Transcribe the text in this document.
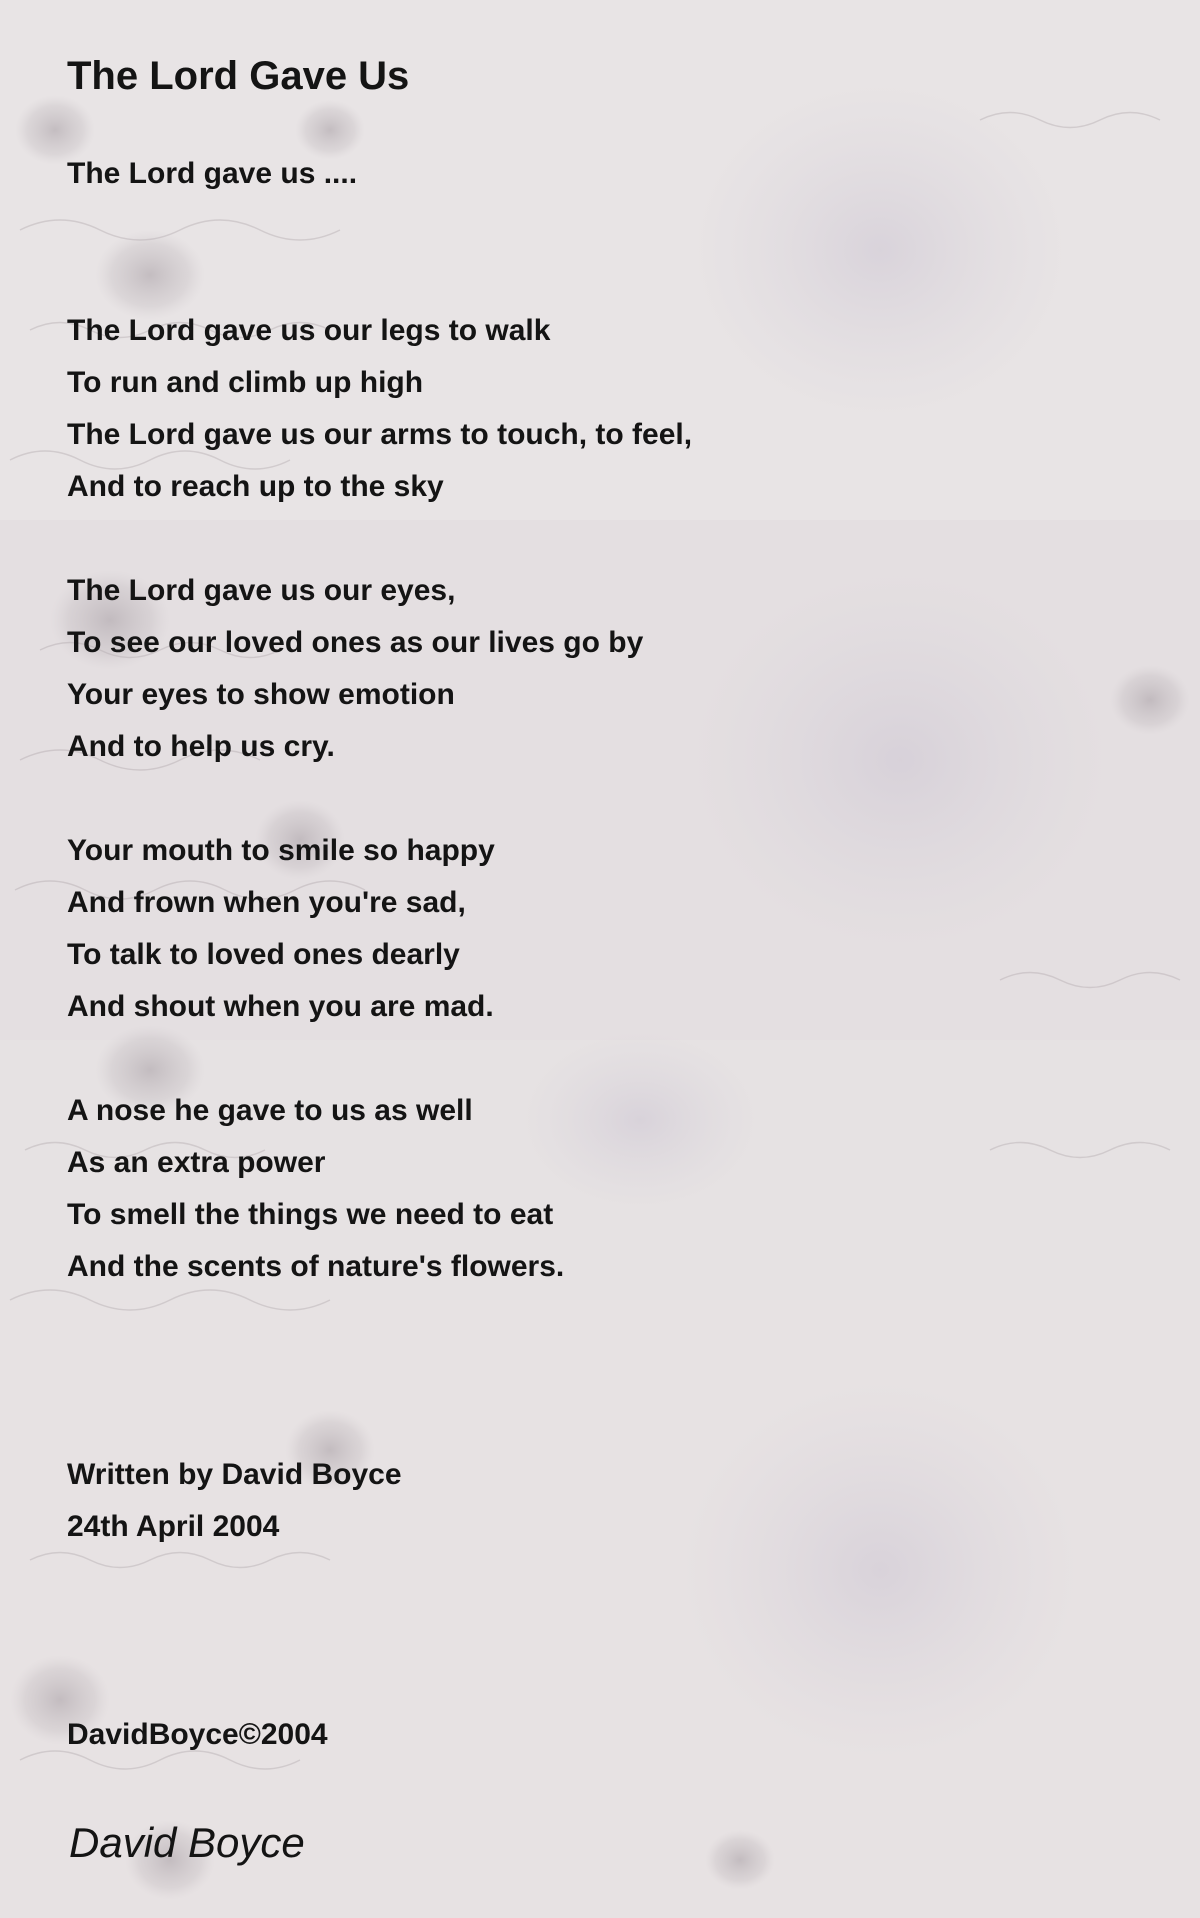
The Lord Gave Us
The Lord gave us ....
The Lord gave us our legs to walk
To run and climb up high
The Lord gave us our arms to touch, to feel,
And to reach up to the sky
The Lord gave us our eyes,
To see our loved ones as our lives go by
Your eyes to show emotion
And to help us cry.
Your mouth to smile so happy
And frown when you're sad,
To talk to loved ones dearly
And shout when you are mad.
A nose he gave to us as well
As an extra power
To smell the things we need to eat
And the scents of nature's flowers.
Written by David Boyce
24th April 2004
DavidBoyce©2004
David Boyce
